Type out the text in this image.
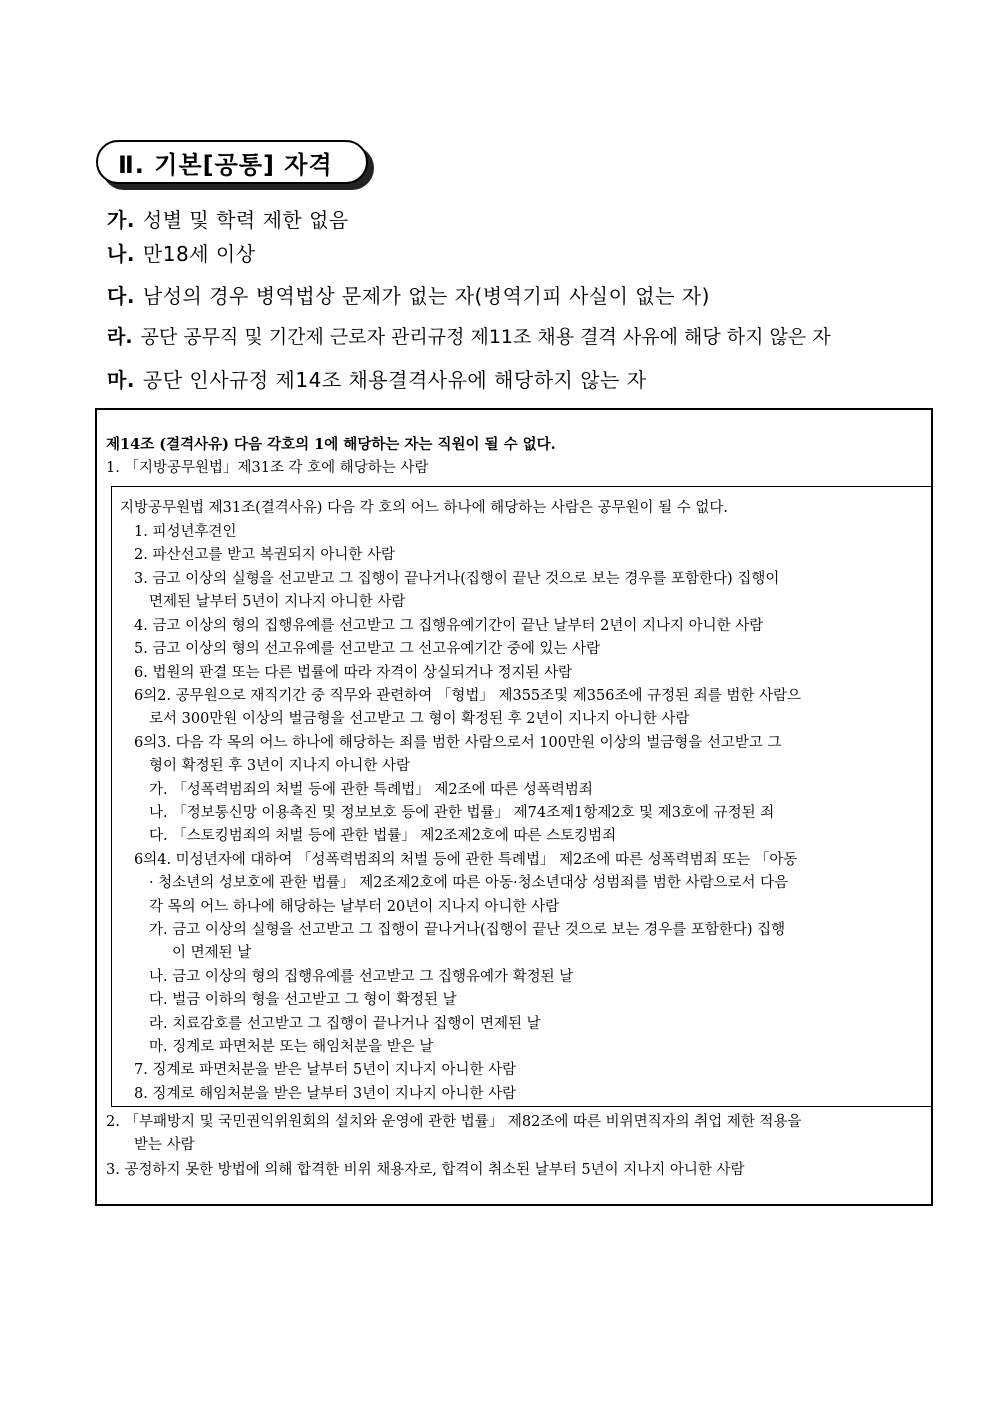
Ⅱ. 기본[공통] 자격
가. 성별 및 학력 제한 없음
나. 만18세 이상
다. 남성의 경우 병역법상 문제가 없는 자(병역기피 사실이 없는 자)
라. 공단 공무직 및 기간제 근로자 관리규정 제11조 채용 결격 사유에 해당 하지 않은 자
마. 공단 인사규정 제14조 채용결격사유에 해당하지 않는 자
제14조 (결격사유) 다음 각호의 1에 해당하는 자는 직원이 될 수 없다.
1. 「지방공무원법」제31조 각 호에 해당하는 사람
지방공무원법 제31조(결격사유) 다음 각 호의 어느 하나에 해당하는 사람은 공무원이 될 수 없다.
1. 피성년후견인
2. 파산선고를 받고 복권되지 아니한 사람
3. 금고 이상의 실형을 선고받고 그 집행이 끝나거나(집행이 끝난 것으로 보는 경우를 포함한다) 집행이
면제된 날부터 5년이 지나지 아니한 사람
4. 금고 이상의 형의 집행유예를 선고받고 그 집행유예기간이 끝난 날부터 2년이 지나지 아니한 사람
5. 금고 이상의 형의 선고유예를 선고받고 그 선고유예기간 중에 있는 사람
6. 법원의 판결 또는 다른 법률에 따라 자격이 상실되거나 정지된 사람
6의2. 공무원으로 재직기간 중 직무와 관련하여 「형법」 제355조및 제356조에 규정된 죄를 범한 사람으
로서 300만원 이상의 벌금형을 선고받고 그 형이 확정된 후 2년이 지나지 아니한 사람
6의3. 다음 각 목의 어느 하나에 해당하는 죄를 범한 사람으로서 100만원 이상의 벌금형을 선고받고 그
형이 확정된 후 3년이 지나지 아니한 사람
가. 「성폭력범죄의 처벌 등에 관한 특례법」 제2조에 따른 성폭력범죄
나. 「정보통신망 이용촉진 및 정보보호 등에 관한 법률」 제74조제1항제2호 및 제3호에 규정된 죄
다. 「스토킹범죄의 처벌 등에 관한 법률」 제2조제2호에 따른 스토킹범죄
6의4. 미성년자에 대하여 「성폭력범죄의 처벌 등에 관한 특례법」 제2조에 따른 성폭력범죄 또는 「아동
· 청소년의 성보호에 관한 법률」 제2조제2호에 따른 아동·청소년대상 성범죄를 범한 사람으로서 다음
각 목의 어느 하나에 해당하는 날부터 20년이 지나지 아니한 사람
가. 금고 이상의 실형을 선고받고 그 집행이 끝나거나(집행이 끝난 것으로 보는 경우를 포함한다) 집행
이 면제된 날
나. 금고 이상의 형의 집행유예를 선고받고 그 집행유예가 확정된 날
다. 벌금 이하의 형을 선고받고 그 형이 확정된 날
라. 치료감호를 선고받고 그 집행이 끝나거나 집행이 면제된 날
마. 징계로 파면처분 또는 해임처분을 받은 날
7. 징계로 파면처분을 받은 날부터 5년이 지나지 아니한 사람
8. 징계로 해임처분을 받은 날부터 3년이 지나지 아니한 사람
2. 「부패방지 및 국민권익위원회의 설치와 운영에 관한 법률」 제82조에 따른 비위면직자의 취업 제한 적용을
받는 사람
3. 공정하지 못한 방법에 의해 합격한 비위 채용자로, 합격이 취소된 날부터 5년이 지나지 아니한 사람
